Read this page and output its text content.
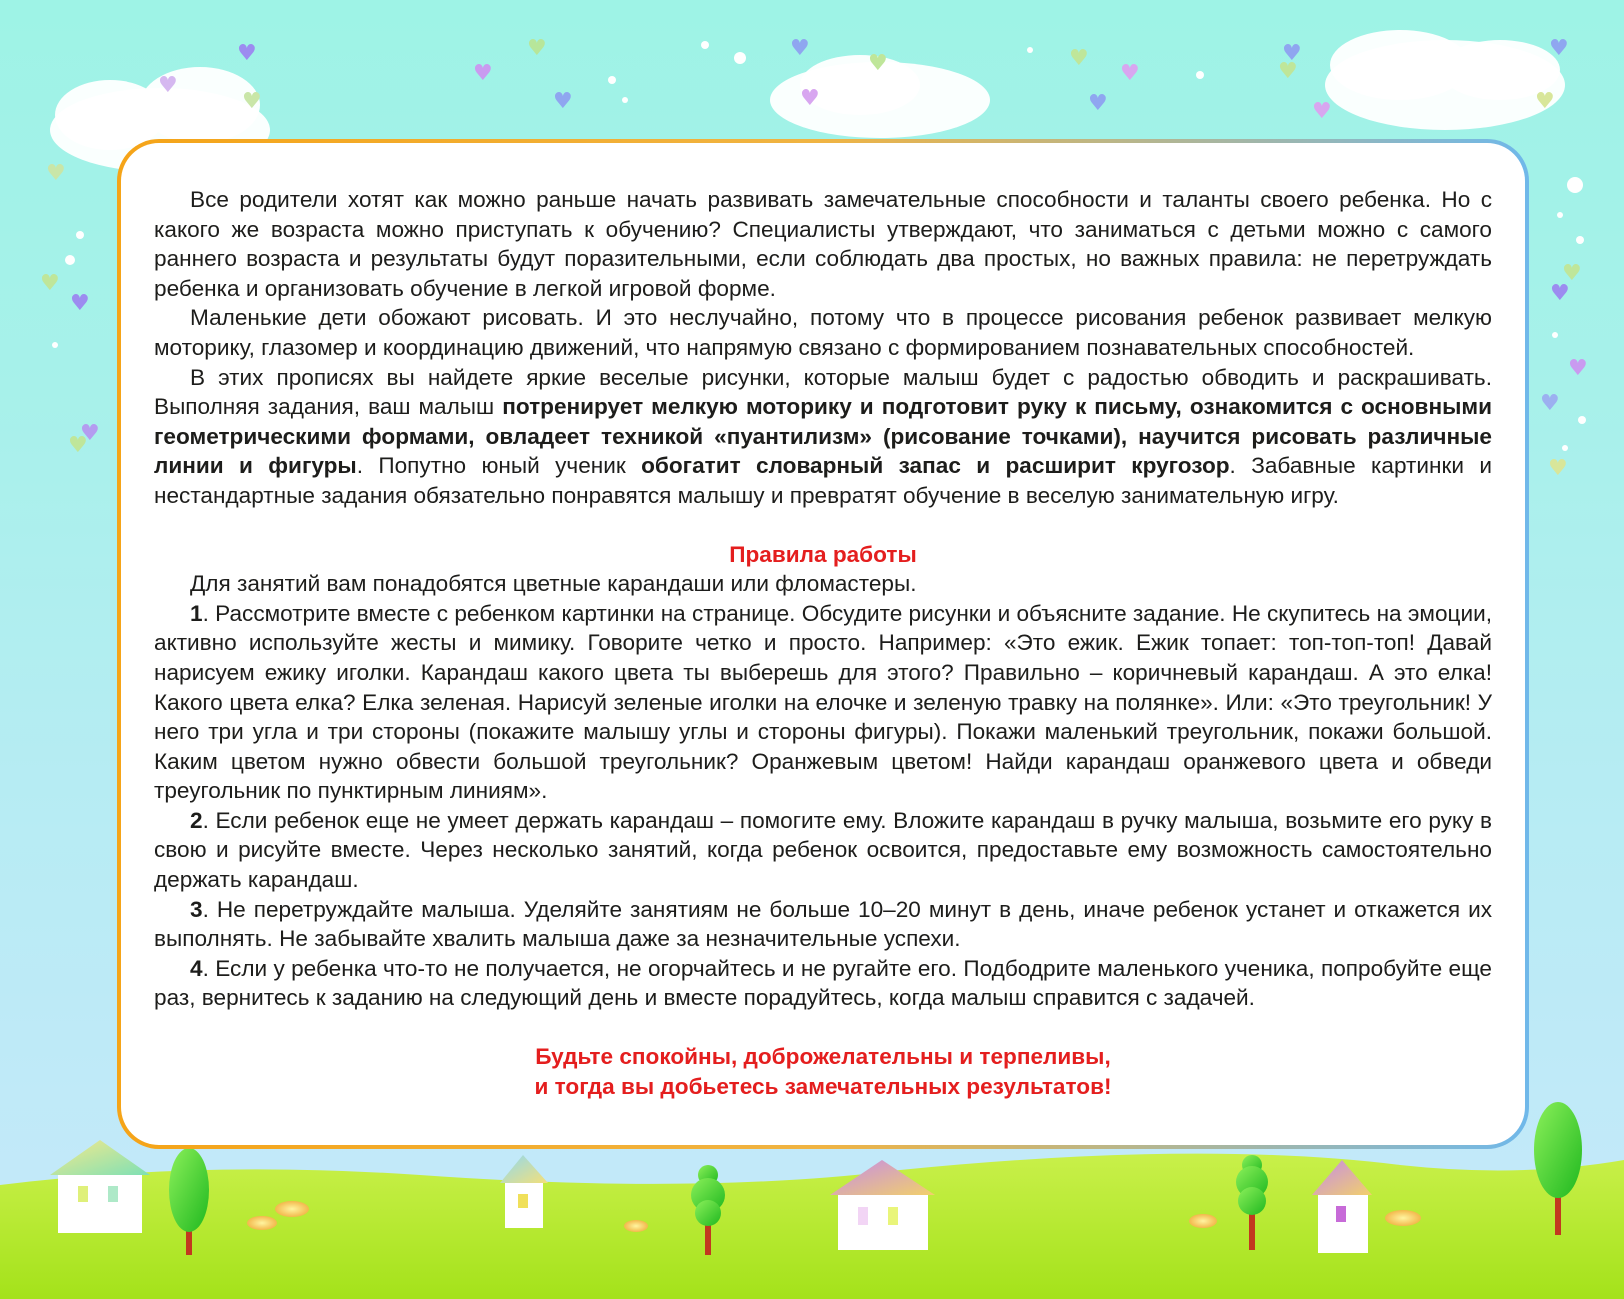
♥
♥
♥
♥
♥
♥
♥
♥
♥	♥
♥
♥
♥
♥
♥
♥
♥
♥
♥
♥
♥
♥
♥
♥
♥
♥
♥

Все родители хотят как можно раньше начать развивать замечательные способности и таланты своего ребенка. Но с какого же возраста можно приступать к обучению? Специалисты утверждают, что заниматься с детьми можно с самого раннего возраста и результаты будут поразительными, если соблюдать два простых, но важных правила: не перетруждать ребенка и организовать обучение в легкой игровой форме.

Маленькие дети обожают рисовать. И это неслучайно, потому что в процессе рисования ребенок развивает мелкую моторику, глазомер и координацию движений, что напрямую связано с формированием познавательных способностей.

В этих прописях вы найдете яркие веселые рисунки, которые малыш будет с радостью обводить и раскрашивать. Выполняя задания, ваш малыш потренирует мелкую моторику и подготовит руку к письму, ознакомится с основными геометрическими формами, овладеет техникой «пуантилизм» (рисование точками), научится рисовать различные линии и фигуры. Попутно юный ученик обогатит словарный запас и расширит кругозор. Забавные картинки и нестандартные задания обязательно понравятся малышу и превратят обучение в веселую занимательную игру.

Правила работы

Для занятий вам понадобятся цветные карандаши или фломастеры.

1. Рассмотрите вместе с ребенком картинки на странице. Обсудите рисунки и объясните задание. Не скупитесь на эмоции, активно используйте жесты и мимику. Говорите четко и просто. Например: «Это ежик. Ежик топает: топ-топ-топ! Давай нарисуем ежику иголки. Карандаш какого цвета ты выберешь для этого? Правильно – коричневый карандаш. А это елка! Какого цвета елка? Елка зеленая. Нарисуй зеленые иголки на елочке и зеленую травку на полянке». Или: «Это треугольник! У него три угла и три стороны (покажите малышу углы и стороны фигуры). Покажи маленький треугольник, покажи большой. Каким цветом нужно обвести большой треугольник? Оранжевым цветом! Найди карандаш оранжевого цвета и обведи треугольник по пунктирным линиям».

2. Если ребенок еще не умеет держать карандаш – помогите ему. Вложите карандаш в ручку малыша, возьмите его руку в свою и рисуйте вместе. Через несколько занятий, когда ребенок освоится, предоставьте ему возможность самостоятельно держать карандаш.

3. Не перетруждайте малыша. Уделяйте занятиям не больше 10–20 минут в день, иначе ребенок устанет и откажется их выполнять. Не забывайте хвалить малыша даже за незначительные успехи.

4. Если у ребенка что-то не получается, не огорчайтесь и не ругайте его. Подбодрите маленького ученика, попробуйте еще раз, вернитесь к заданию на следующий день и вместе порадуйтесь, когда малыш справится с задачей.

Будьте спокойны, доброжелательны и терпеливы,
и тогда вы добьетесь замечательных результатов!
